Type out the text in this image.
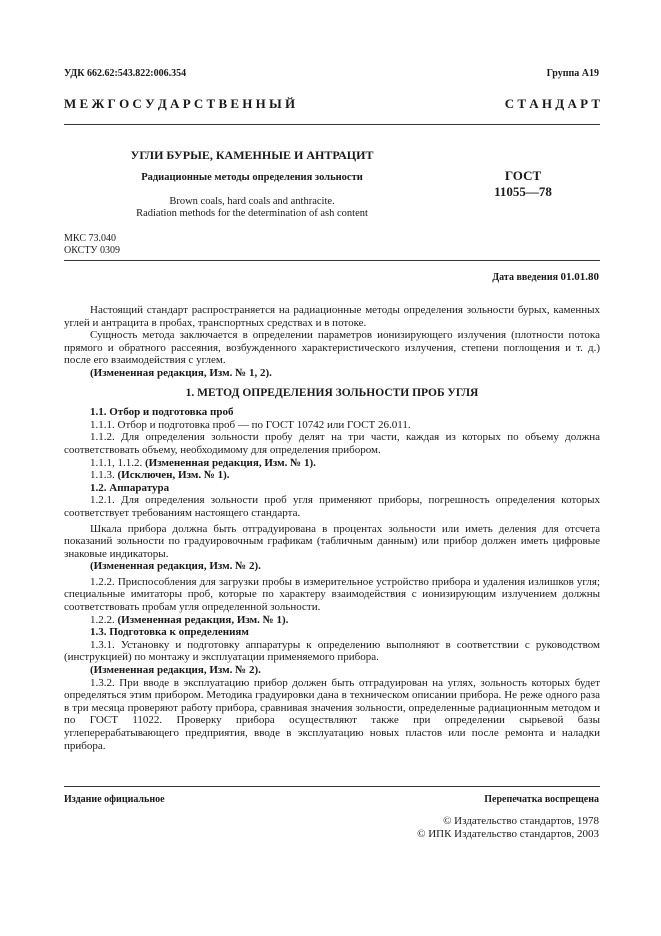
УДК 662.62:543.822:006.354	Группа А19
М Е Ж Г О С У Д А Р С Т В Е Н Н Ы Й	С Т А Н Д А Р Т
УГЛИ БУРЫЕ, КАМЕННЫЕ И АНТРАЦИТ
Радиационные методы определения зольности
Brown coals, hard coals and anthracite.
Radiation methods for the determination of ash content
ГОСТ
11055—78
МКС 73.040
ОКСТУ 0309
Дата введения 01.01.80

Настоящий стандарт распространяется на радиационные методы определения зольности бурых, каменных углей и антрацита в пробах, транспортных средствах и в потоке.

Сущность метода заключается в определении параметров ионизирующего излучения (плотности потока прямого и обратного рассеяния, возбужденного характеристического излучения, степени поглощения и т. д.) после его взаимодействия с углем.

(Измененная редакция, Изм. № 1, 2).

1. МЕТОД ОПРЕДЕЛЕНИЯ ЗОЛЬНОСТИ ПРОБ УГЛЯ

1.1. Отбор и подготовка проб

1.1.1. Отбор и подготовка проб — по ГОСТ 10742 или ГОСТ 26.011.

1.1.2. Для определения зольности пробу делят на три части, каждая из которых по объему должна соответствовать объему, необходимому для определения прибором.

1.1.1, 1.1.2. (Измененная редакция, Изм. № 1).

1.1.3. (Исключен, Изм. № 1).

1.2. Аппаратура

1.2.1. Для определения зольности проб угля применяют приборы, погрешность определения которых соответствует требованиям настоящего стандарта.

Шкала прибора должна быть отградуирована в процентах зольности или иметь деления для отсчета показаний зольности по градуировочным графикам (табличным данным) или прибор должен иметь цифровые знаковые индикаторы.

(Измененная редакция, Изм. № 2).

1.2.2. Приспособления для загрузки пробы в измерительное устройство прибора и удаления излишков угля; специальные имитаторы проб, которые по характеру взаимодействия с ионизирующим излучением должны соответствовать пробам угля определенной зольности.

1.2.2. (Измененная редакция, Изм. № 1).

1.3. Подготовка к определениям

1.3.1. Установку и подготовку аппаратуры к определению выполняют в соответствии с руководством (инструкцией) по монтажу и эксплуатации применяемого прибора.

(Измененная редакция, Изм. № 2).

1.3.2. При вводе в эксплуатацию прибор должен быть отградуирован на углях, зольность которых будет определяться этим прибором. Методика градуировки дана в техническом описании прибора. Не реже одного раза в три месяца проверяют работу прибора, сравнивая значения зольности, определенные радиационным методом и по ГОСТ 11022. Проверку прибора осуществляют также при определении сырьевой базы углеперерабатывающего предприятия, вводе в эксплуатацию новых пластов или после ремонта и наладки прибора.

Издание официальное	Перепечатка воспрещена
© Издательство стандартов, 1978
© ИПК Издательство стандартов, 2003
